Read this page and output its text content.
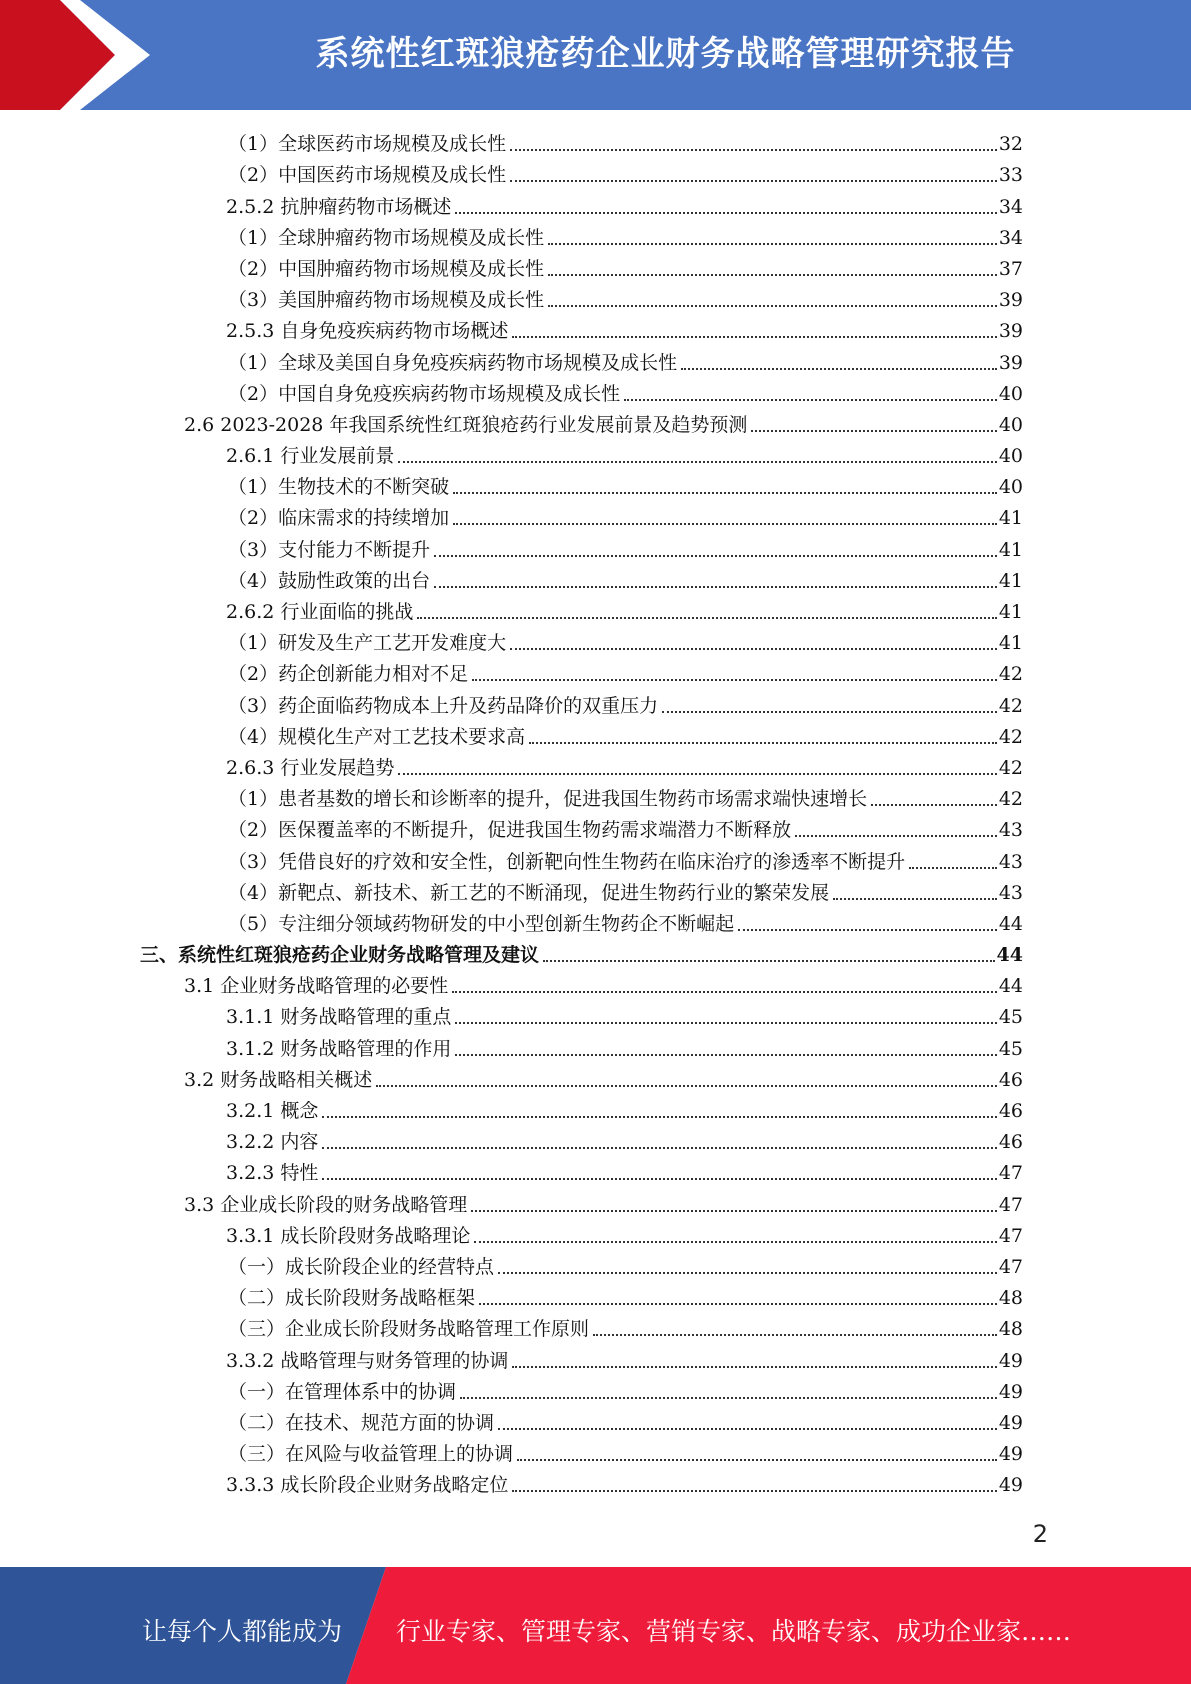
系统性红斑狼疮药企业财务战略管理研究报告
（1）全球医药市场规模及成长性	32
（2）中国医药市场规模及成长性	33
2.5.2 抗肿瘤药物市场概述	34
（1）全球肿瘤药物市场规模及成长性	34
（2）中国肿瘤药物市场规模及成长性	37
（3）美国肿瘤药物市场规模及成长性	39
2.5.3 自身免疫疾病药物市场概述	39
（1）全球及美国自身免疫疾病药物市场规模及成长性	39
（2）中国自身免疫疾病药物市场规模及成长性	40
2.6 2023-2028 年我国系统性红斑狼疮药行业发展前景及趋势预测	40
2.6.1 行业发展前景	40
（1）生物技术的不断突破	40
（2）临床需求的持续增加	41
（3）支付能力不断提升	41
（4）鼓励性政策的出台	41
2.6.2 行业面临的挑战	41
（1）研发及生产工艺开发难度大	41
（2）药企创新能力相对不足	42
（3）药企面临药物成本上升及药品降价的双重压力	42
（4）规模化生产对工艺技术要求高	42
2.6.3 行业发展趋势	42
（1）患者基数的增长和诊断率的提升，促进我国生物药市场需求端快速增长	42
（2）医保覆盖率的不断提升，促进我国生物药需求端潜力不断释放	43
（3）凭借良好的疗效和安全性，创新靶向性生物药在临床治疗的渗透率不断提升	43
（4）新靶点、新技术、新工艺的不断涌现，促进生物药行业的繁荣发展	43
（5）专注细分领域药物研发的中小型创新生物药企不断崛起	44
三、系统性红斑狼疮药企业财务战略管理及建议	44
3.1 企业财务战略管理的必要性	44
3.1.1 财务战略管理的重点	45
3.1.2 财务战略管理的作用	45
3.2 财务战略相关概述	46
3.2.1 概念	46
3.2.2 内容	46
3.2.3 特性	47
3.3 企业成长阶段的财务战略管理	47
3.3.1 成长阶段财务战略理论	47
（一）成长阶段企业的经营特点	47
（二）成长阶段财务战略框架	48
（三）企业成长阶段财务战略管理工作原则	48
3.3.2 战略管理与财务管理的协调	49
（一）在管理体系中的协调	49
（二）在技术、规范方面的协调	49
（三）在风险与收益管理上的协调	49
3.3.3 成长阶段企业财务战略定位	49
2
让每个人都能成为 行业专家、管理专家、营销专家、战略专家、成功企业家……
